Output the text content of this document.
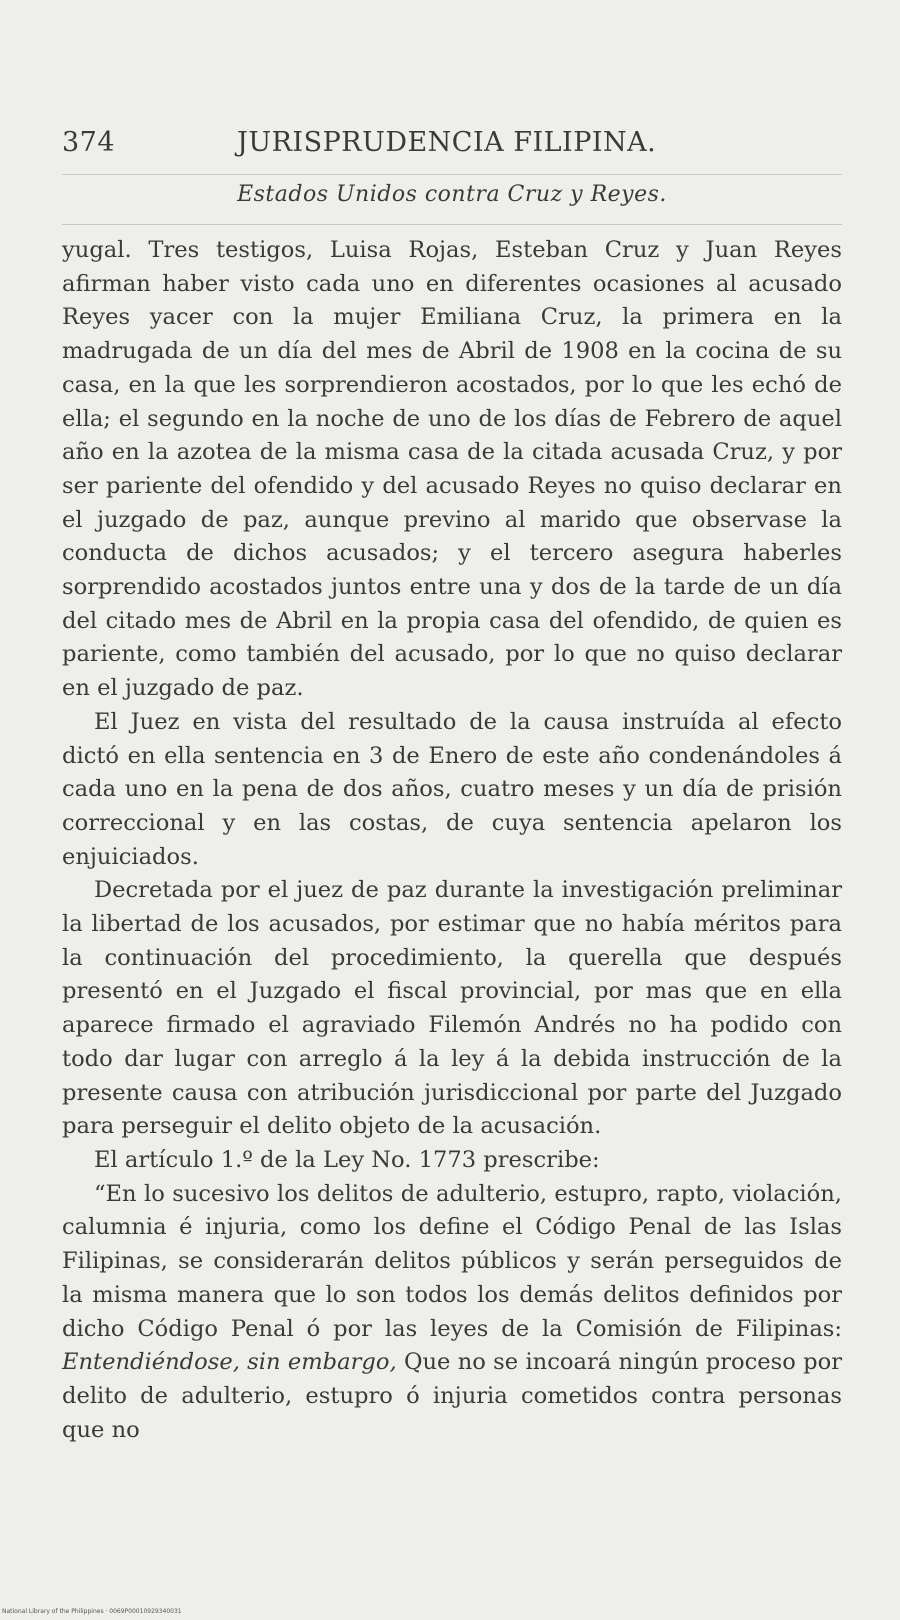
374	JURISPRUDENCIA FILIPINA.
Estados Unidos contra Cruz y Reyes.

yugal. Tres testigos, Luisa Rojas, Esteban Cruz y Juan Reyes afirman haber visto cada uno en diferentes ocasiones al acusado Reyes yacer con la mujer Emiliana Cruz, la primera en la madrugada de un día del mes de Abril de 1908 en la cocina de su casa, en la que les sorprendieron acostados, por lo que les echó de ella; el segundo en la noche de uno de los días de Febrero de aquel año en la azotea de la misma casa de la citada acusada Cruz, y por ser pariente del ofendido y del acusado Reyes no quiso declarar en el juzgado de paz, aunque previno al marido que observase la conducta de dichos acusados; y el tercero asegura haberles sorprendido acostados juntos entre una y dos de la tarde de un día del citado mes de Abril en la propia casa del ofendido, de quien es pariente, como también del acusado, por lo que no quiso declarar en el juzgado de paz.

El Juez en vista del resultado de la causa instruída al efecto dictó en ella sentencia en 3 de Enero de este año condenándoles á cada uno en la pena de dos años, cuatro meses y un día de prisión correccional y en las costas, de cuya sentencia apelaron los enjuiciados.

Decretada por el juez de paz durante la investigación preliminar la libertad de los acusados, por estimar que no había méritos para la continuación del procedimiento, la querella que después presentó en el Juzgado el fiscal provincial, por mas que en ella aparece firmado el agraviado Filemón Andrés no ha podido con todo dar lugar con arreglo á la ley á la debida instrucción de la presente causa con atribución jurisdiccional por parte del Juzgado para perseguir el delito objeto de la acusación.

El artículo 1.º de la Ley No. 1773 prescribe:

“En lo sucesivo los delitos de adulterio, estupro, rapto, violación, calumnia é injuria, como los define el Código Penal de las Islas Filipinas, se considerarán delitos públicos y serán perseguidos de la misma manera que lo son todos los demás delitos definidos por dicho Código Penal ó por las leyes de la Comisión de Filipinas: Entendiéndose, sin embargo, Que no se incoará ningún proceso por delito de adulterio, estupro ó injuria cometidos contra personas que no

National Library of the Philippines · 0069P00010929340031
